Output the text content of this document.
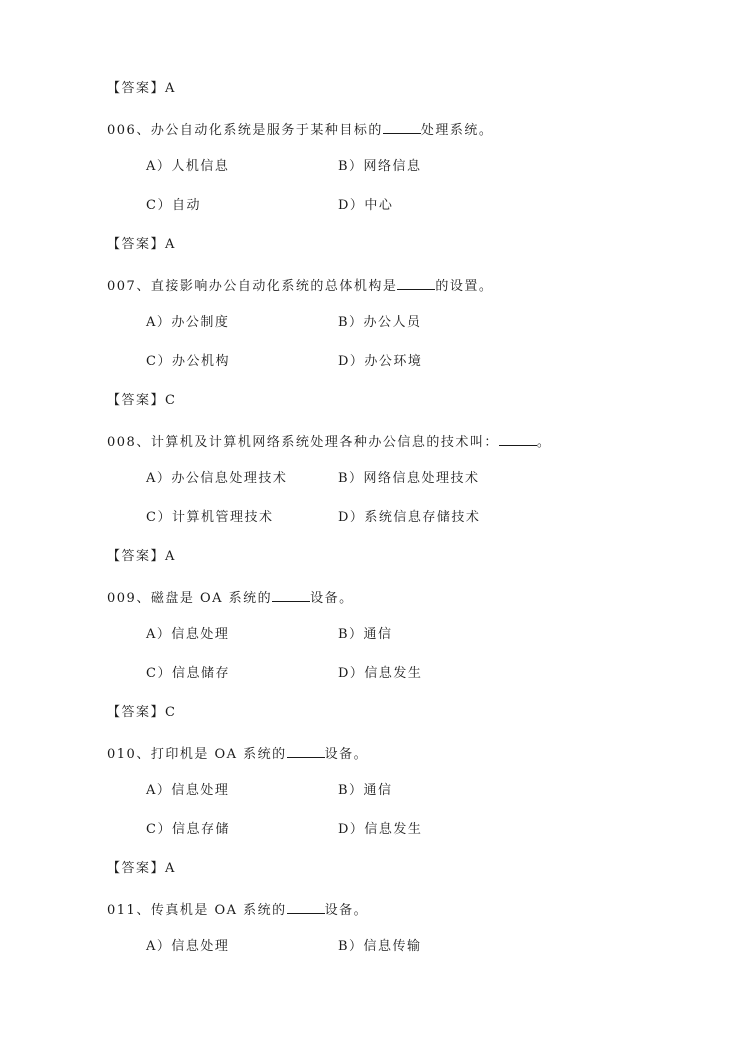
【答案】A
006、办公自动化系统是服务于某种目标的	处理系统。
A）人机信息	B）网络信息
C）自动	D）中心
【答案】A
007、直接影响办公自动化系统的总体机构是	的设置。
A）办公制度	B）办公人员
C）办公机构	D）办公环境
【答案】C
008、计算机及计算机网络系统处理各种办公信息的技术叫：	。
A）办公信息处理技术	B）网络信息处理技术
C）计算机管理技术	D）系统信息存储技术
【答案】A
009、磁盘是 OA 系统的	设备。
A）信息处理	B）通信
C）信息储存	D）信息发生
【答案】C
010、打印机是 OA 系统的	设备。
A）信息处理	B）通信
C）信息存储	D）信息发生
【答案】A
011、传真机是 OA 系统的	设备。
A）信息处理	B）信息传输
